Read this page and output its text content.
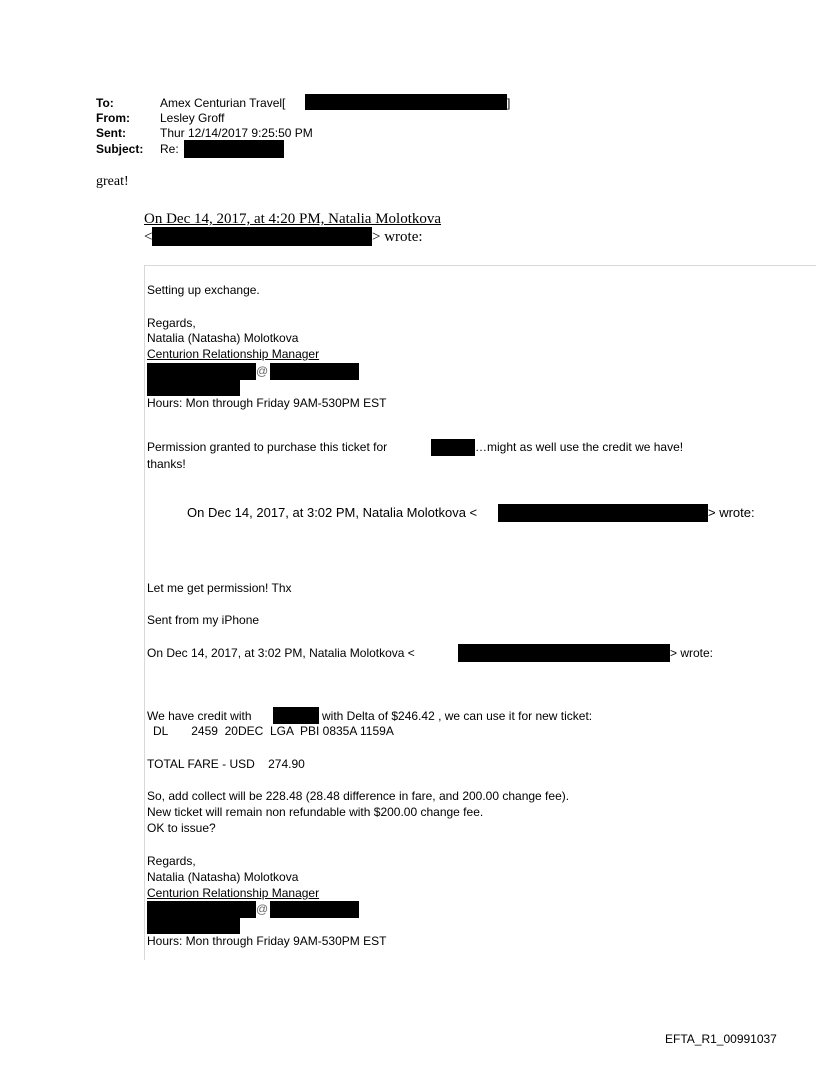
To:	Amex Centurian Travel[	]
From:	Lesley Groff
Sent:	Thur 12/14/2017 9:25:50 PM
Subject: Re:
great!
On Dec 14, 2017, at 4:20 PM, Natalia Molotkova
<	> wrote:
Setting up exchange.
Regards,
Natalia (Natasha) Molotkova
Centurion Relationship Manager
@
Hours: Mon through Friday 9AM-530PM EST
Permission granted to purchase this ticket for	…might as well use the credit we have!
thanks!
On Dec 14, 2017, at 3:02 PM, Natalia Molotkova <	> wrote:
Let me get permission! Thx
Sent from my iPhone
On Dec 14, 2017, at 3:02 PM, Natalia Molotkova <	> wrote:
We have credit with	with Delta of $246.42 , we can use it for new ticket:
DL       2459  20DEC  LGA  PBI 0835A 1159A
TOTAL FARE - USD    274.90
So, add collect will be 228.48 (28.48 difference in fare, and 200.00 change fee).
New ticket will remain non refundable with $200.00 change fee.
OK to issue?
Regards,
Natalia (Natasha) Molotkova
Centurion Relationship Manager
@
Hours: Mon through Friday 9AM-530PM EST
EFTA_R1_00991037
